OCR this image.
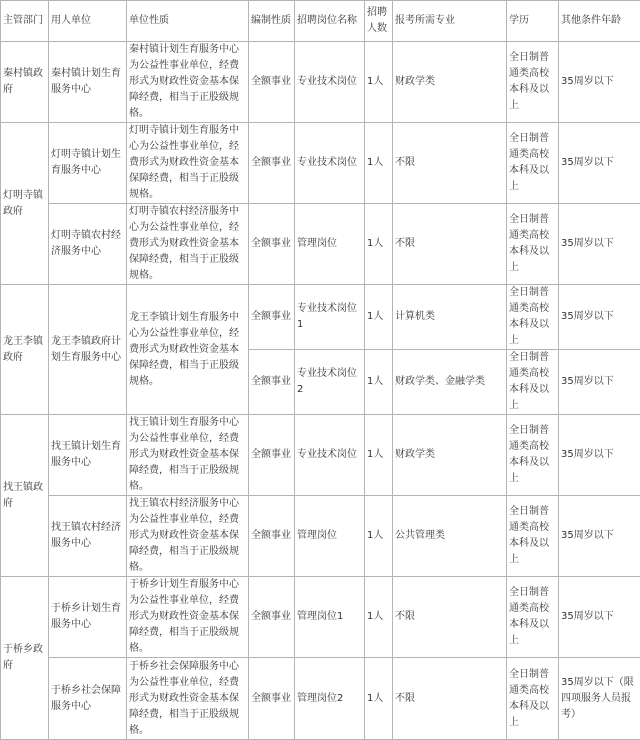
主管部门	用人单位	单位性质	编制性质	招聘岗位名称	招聘人数	报考所需专业	学历	其他条件年龄
秦村镇政府	秦村镇计划生育服务中心	秦村镇计划生育服务中心为公益性事业单位，经费形式为财政性资金基本保障经费，相当于正股级规格。	全额事业	专业技术岗位	1人	财政学类	全日制普通类高校本科及以上	35周岁以下
灯明寺镇政府	灯明寺镇计划生育服务中心	灯明寺镇计划生育服务中心为公益性事业单位，经费形式为财政性资金基本保障经费，相当于正股级规格。	全额事业	专业技术岗位	1人	不限	全日制普通类高校本科及以上	35周岁以下
	灯明寺镇农村经济服务中心	灯明寺镇农村经济服务中心为公益性事业单位，经费形式为财政性资金基本保障经费，相当于正股级规格。	全额事业	管理岗位	1人	不限	全日制普通类高校本科及以上	35周岁以下
龙王李镇政府	龙王李镇政府计划生育服务中心	龙王李镇计划生育服务中心为公益性事业单位，经费形式为财政性资金基本保障经费，相当于正股级规格。	全额事业	专业技术岗位1	1人	计算机类	全日制普通类高校本科及以上	35周岁以下
			全额事业	专业技术岗位2	1人	财政学类、金融学类	全日制普通类高校本科及以上	35周岁以下
找王镇政府	找王镇计划生育服务中心	找王镇计划生育服务中心为公益性事业单位，经费形式为财政性资金基本保障经费，相当于正股级规格。	全额事业	专业技术岗位	1人	财政学类	全日制普通类高校本科及以上	35周岁以下
	找王镇农村经济服务中心	找王镇农村经济服务中心为公益性事业单位，经费形式为财政性资金基本保障经费，相当于正股级规格。	全额事业	管理岗位	1人	公共管理类	全日制普通类高校本科及以上	35周岁以下
于桥乡政府	于桥乡计划生育服务中心	于桥乡计划生育服务中心为公益性事业单位，经费形式为财政性资金基本保障经费，相当于正股级规格。	全额事业	管理岗位1	1人	不限	全日制普通类高校本科及以上	35周岁以下
	于桥乡社会保障服务中心	于桥乡社会保障服务中心为公益性事业单位，经费形式为财政性资金基本保障经费，相当于正股级规格。	全额事业	管理岗位2	1人	不限	全日制普通类高校本科及以上	35周岁以下（限四项服务人员报考）
